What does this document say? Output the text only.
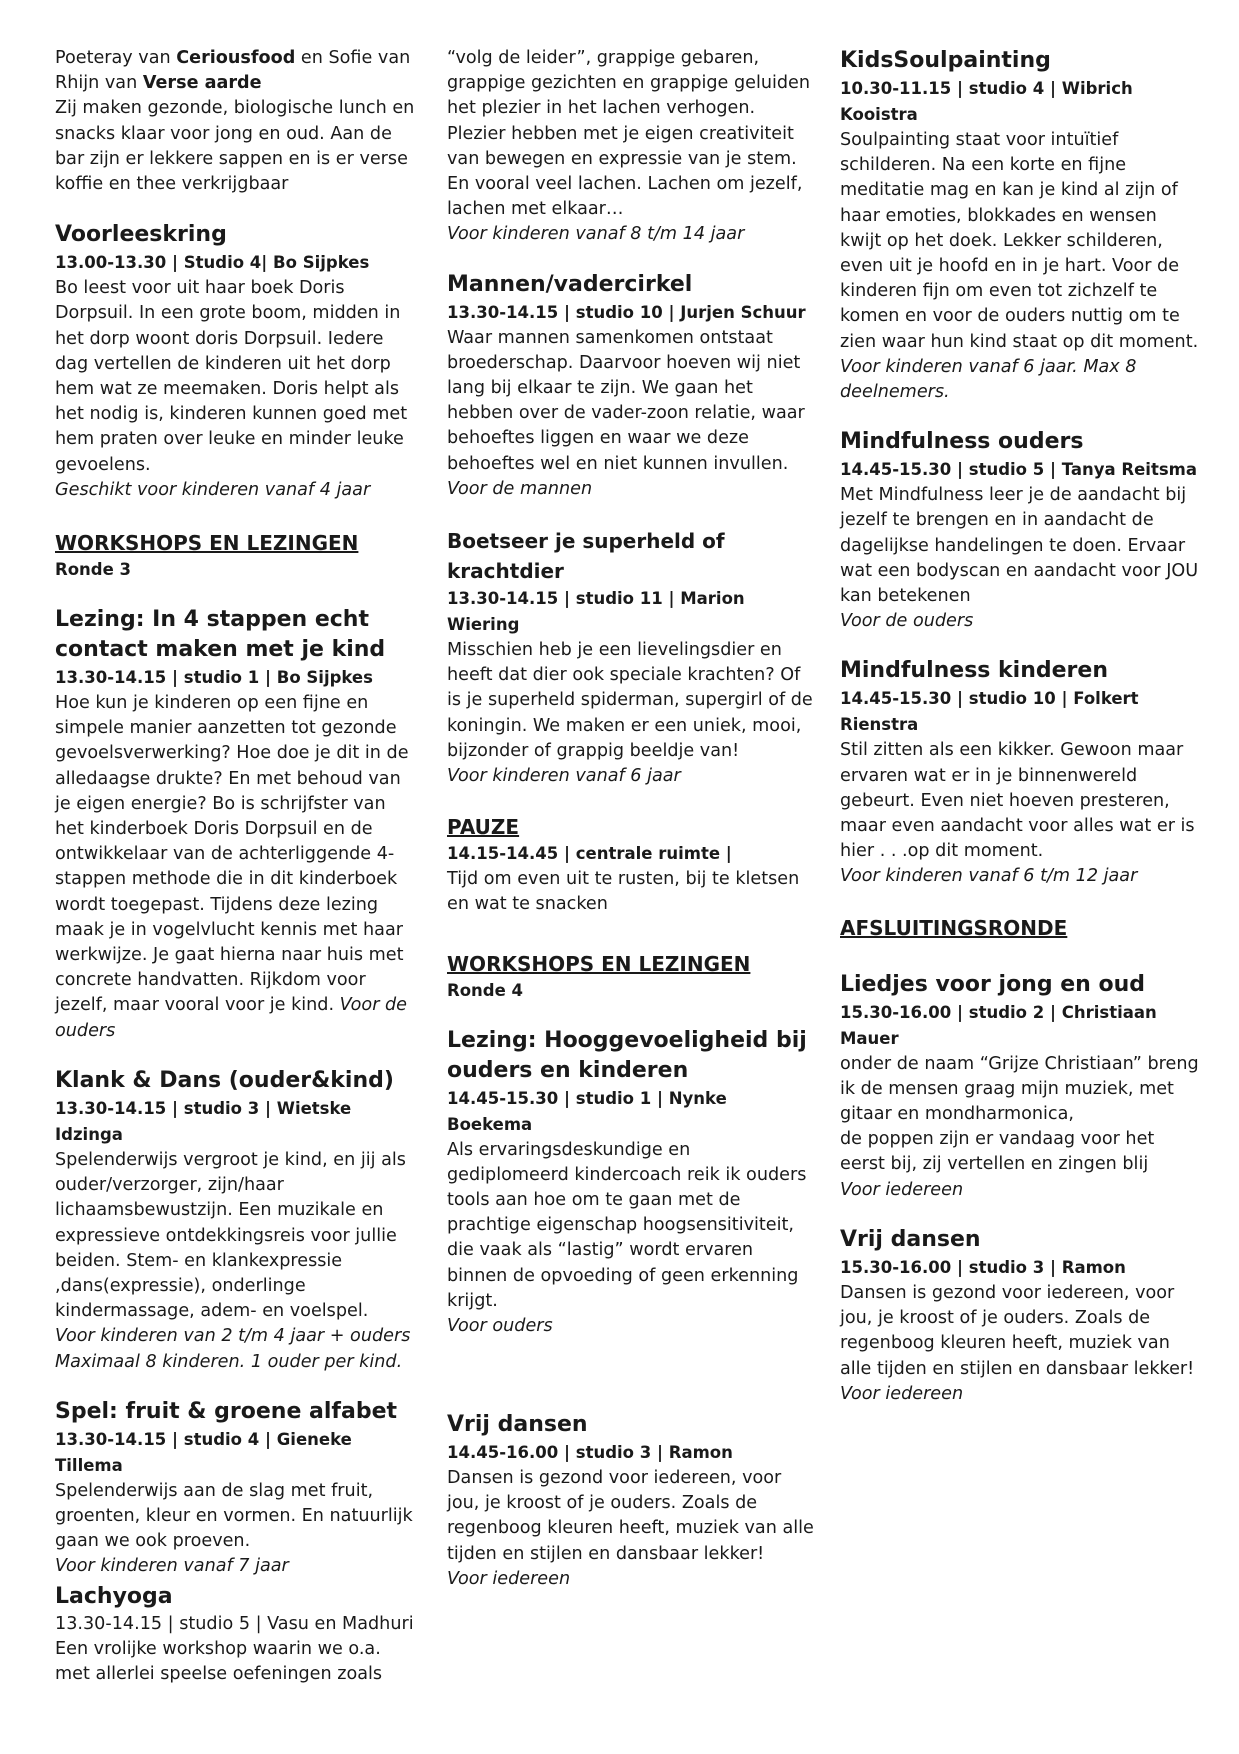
Poeteray van Ceriousfood en Sofie van

Rhijn van Verse aarde

Zij maken gezonde, biologische lunch en snacks klaar voor jong en oud. Aan de bar zijn er lekkere sappen en is er verse koffie en thee verkrijgbaar

Voorleeskring
13.00-13.30 | Studio 4| Bo Sijpkes

Bo leest voor uit haar boek Doris Dorpsuil. In een grote boom, midden in het dorp woont doris Dorpsuil. Iedere dag vertellen de kinderen uit het dorp hem wat ze meemaken. Doris helpt als het nodig is, kinderen kunnen goed met hem praten over leuke en minder leuke gevoelens.

Geschikt voor kinderen vanaf 4 jaar

WORKSHOPS EN LEZINGEN
Ronde 3
Lezing: In 4 stappen echt contact maken met je kind
13.30-14.15 | studio 1 | Bo Sijpkes

Hoe kun je kinderen op een fijne en simpele manier aanzetten tot gezonde gevoelsverwerking? Hoe doe je dit in de alledaagse drukte? En met behoud van je eigen energie? Bo is schrijfster van het kinderboek Doris Dorpsuil en de ontwikkelaar van de achterliggende 4-stappen methode die in dit kinderboek wordt toegepast. Tijdens deze lezing maak je in vogelvlucht kennis met haar werkwijze. Je gaat hierna naar huis met concrete handvatten. Rijkdom voor jezelf, maar vooral voor je kind. Voor de ouders

Klank & Dans (ouder&kind)
13.30-14.15 | studio 3 | Wietske Idzinga

Spelenderwijs vergroot je kind, en jij als ouder/verzorger, zijn/haar lichaamsbewustzijn. Een muzikale en expressieve ontdekkingsreis voor jullie beiden. Stem- en klankexpressie ,dans(expressie), onderlinge kindermassage, adem- en voelspel.

Voor kinderen van 2 t/m 4 jaar + ouders

Maximaal 8 kinderen. 1 ouder per kind.

Spel: fruit & groene alfabet
13.30-14.15 | studio 4 | Gieneke Tillema

Spelenderwijs aan de slag met fruit, groenten, kleur en vormen. En natuurlijk gaan we ook proeven.

Voor kinderen vanaf 7 jaar

Lachyoga

13.30-14.15 | studio 5 | Vasu en Madhuri

Een vrolijke workshop waarin we o.a. met allerlei speelse oefeningen zoals

“volg de leider”, grappige gebaren, grappige gezichten en grappige geluiden het plezier in het lachen verhogen. Plezier hebben met je eigen creativiteit van bewegen en expressie van je stem. En vooral veel lachen. Lachen om jezelf, lachen met elkaar…

Voor kinderen vanaf 8 t/m 14 jaar

Mannen/vadercirkel
13.30-14.15 | studio 10 | Jurjen Schuur

Waar mannen samenkomen ontstaat broederschap. Daarvoor hoeven wij niet lang bij elkaar te zijn. We gaan het hebben over de vader-zoon relatie, waar behoeftes liggen en waar we deze behoeftes wel en niet kunnen invullen.

Voor de mannen

Boetseer je superheld of krachtdier
13.30-14.15 | studio 11 | Marion Wiering

Misschien heb je een lievelingsdier en heeft dat dier ook speciale krachten? Of is je superheld spiderman, supergirl of de koningin. We maken er een uniek, mooi, bijzonder of grappig beeldje van!

Voor kinderen vanaf 6 jaar

PAUZE
14.15-14.45 | centrale ruimte |

Tijd om even uit te rusten, bij te kletsen en wat te snacken

WORKSHOPS EN LEZINGEN
Ronde 4
Lezing: Hooggevoeligheid bij ouders en kinderen
14.45-15.30 | studio 1 | Nynke Boekema

Als ervaringsdeskundige en gediplomeerd kindercoach reik ik ouders tools aan hoe om te gaan met de prachtige eigenschap hoogsensitiviteit, die vaak als “lastig” wordt ervaren binnen de opvoeding of geen erkenning krijgt.

Voor ouders

Vrij dansen
14.45-16.00 | studio 3 | Ramon

Dansen is gezond voor iedereen, voor jou, je kroost of je ouders. Zoals de regenboog kleuren heeft, muziek van alle tijden en stijlen en dansbaar lekker!

Voor iedereen

KidsSoulpainting
10.30-11.15 | studio 4 | Wibrich Kooistra

Soulpainting staat voor intuïtief schilderen. Na een korte en fijne meditatie mag en kan je kind al zijn of haar emoties, blokkades en wensen kwijt op het doek. Lekker schilderen, even uit je hoofd en in je hart. Voor de kinderen fijn om even tot zichzelf te komen en voor de ouders nuttig om te zien waar hun kind staat op dit moment.

Voor kinderen vanaf 6 jaar. Max 8 deelnemers.

Mindfulness ouders
14.45-15.30 | studio 5 | Tanya Reitsma

Met Mindfulness leer je de aandacht bij jezelf te brengen en in aandacht de dagelijkse handelingen te doen. Ervaar wat een bodyscan en aandacht voor JOU kan betekenen

Voor de ouders

Mindfulness kinderen
14.45-15.30 | studio 10 | Folkert Rienstra

Stil zitten als een kikker. Gewoon maar ervaren wat er in je binnenwereld gebeurt. Even niet hoeven presteren, maar even aandacht voor alles wat er is hier . . .op dit moment.

Voor kinderen vanaf 6 t/m 12 jaar

AFSLUITINGSRONDE
Liedjes voor jong en oud
15.30-16.00 | studio 2 | Christiaan Mauer

onder de naam “Grijze Christiaan” breng ik de mensen graag mijn muziek, met gitaar en mondharmonica,

de poppen zijn er vandaag voor het eerst bij, zij vertellen en zingen blij

Voor iedereen

Vrij dansen
15.30-16.00 | studio 3 | Ramon

Dansen is gezond voor iedereen, voor jou, je kroost of je ouders. Zoals de regenboog kleuren heeft, muziek van alle tijden en stijlen en dansbaar lekker!

Voor iedereen
